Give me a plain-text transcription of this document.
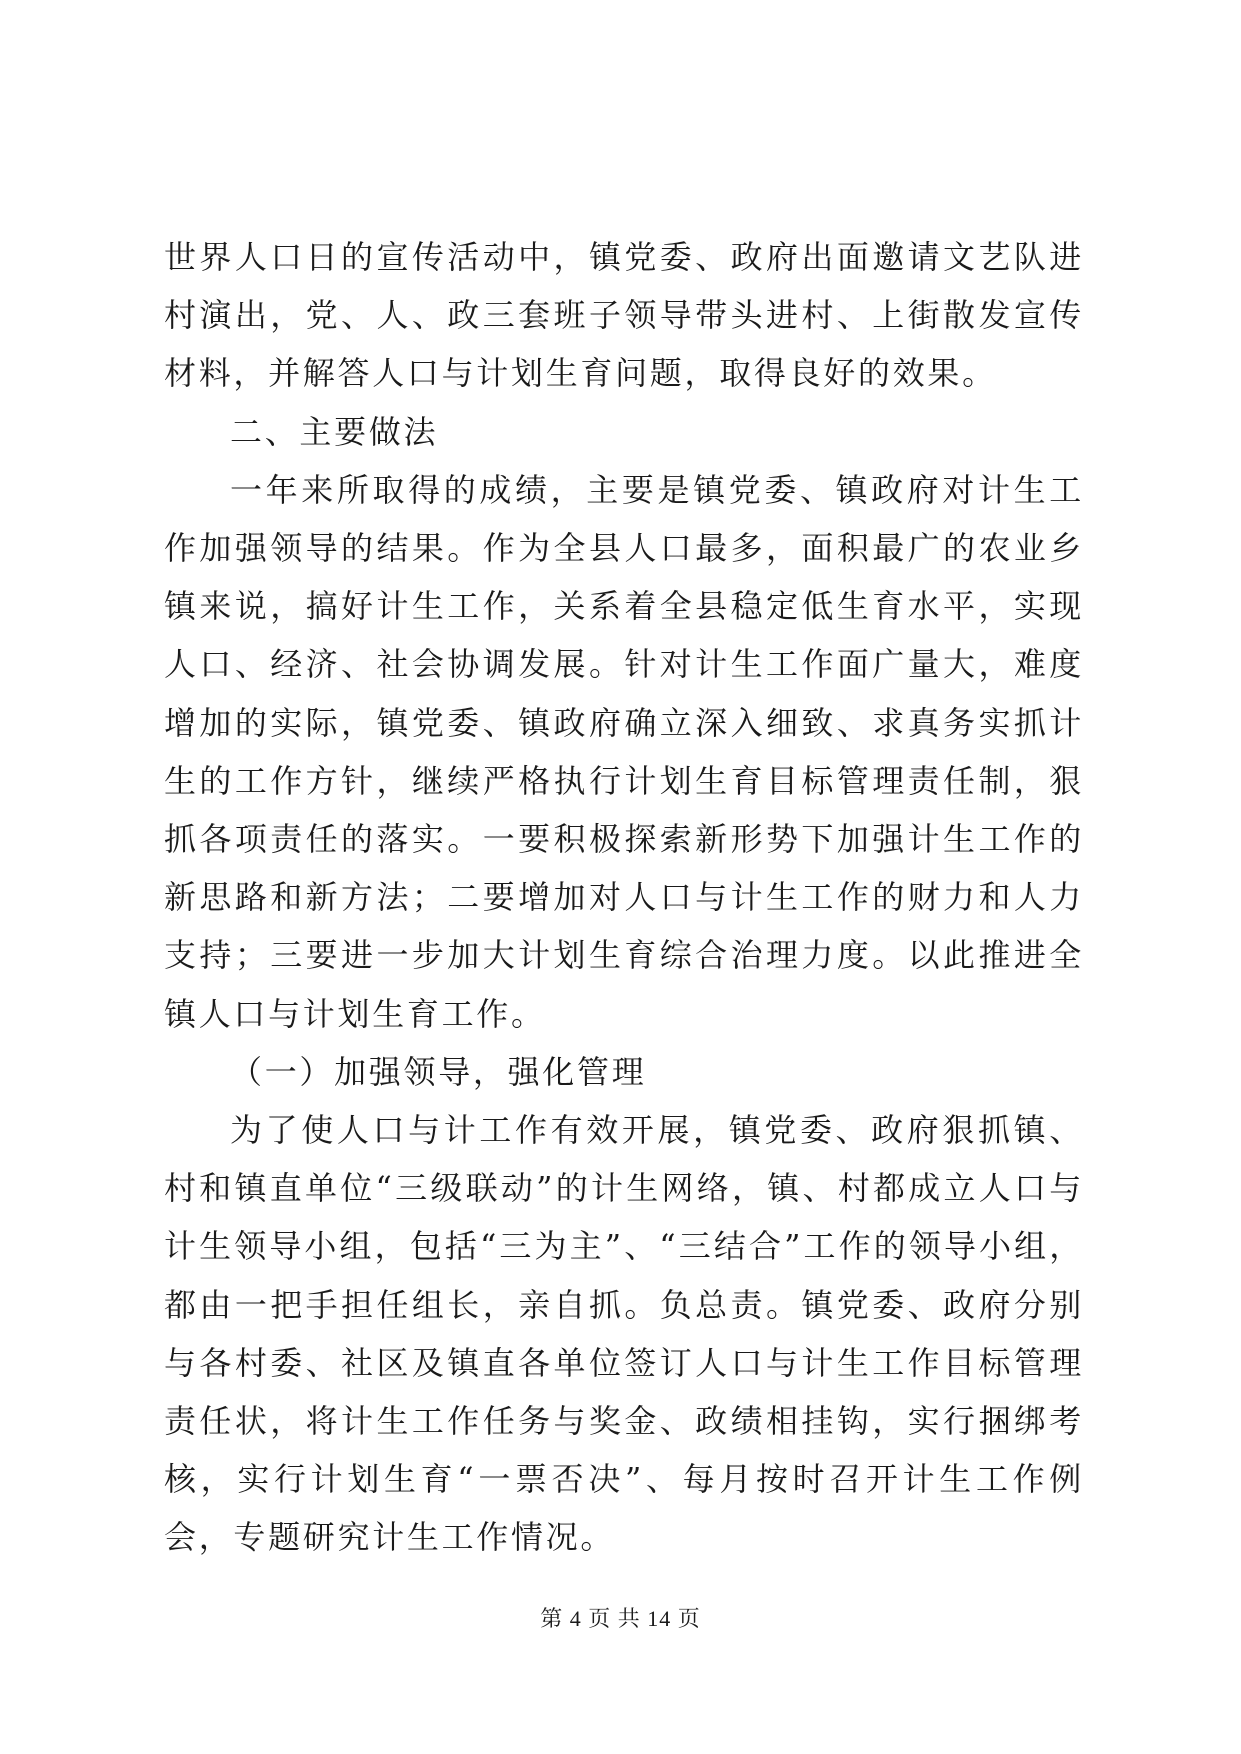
世界人口日的宣传活动中，镇党委、政府出面邀请文艺队进村演出，党、人、政三套班子领导带头进村、上街散发宣传材料，并解答人口与计划生育问题，取得良好的效果。

二、主要做法

一年来所取得的成绩，主要是镇党委、镇政府对计生工作加强领导的结果。作为全县人口最多，面积最广的农业乡镇来说，搞好计生工作，关系着全县稳定低生育水平，实现人口、经济、社会协调发展。针对计生工作面广量大，难度增加的实际，镇党委、镇政府确立深入细致、求真务实抓计生的工作方针，继续严格执行计划生育目标管理责任制，狠抓各项责任的落实。一要积极探索新形势下加强计生工作的新思路和新方法；二要增加对人口与计生工作的财力和人力支持；三要进一步加大计划生育综合治理力度。以此推进全镇人口与计划生育工作。

（一）加强领导，强化管理

为了使人口与计工作有效开展，镇党委、政府狠抓镇、村和镇直单位“三级联动”的计生网络，镇、村都成立人口与计生领导小组，包括“三为主”、“三结合”工作的领导小组，都由一把手担任组长，亲自抓。负总责。镇党委、政府分别与各村委、社区及镇直各单位签订人口与计生工作目标管理责任状，将计生工作任务与奖金、政绩相挂钩，实行捆绑考核，实行计划生育“一票否决”、每月按时召开计生工作例会，专题研究计生工作情况。

第 4 页 共 14 页
